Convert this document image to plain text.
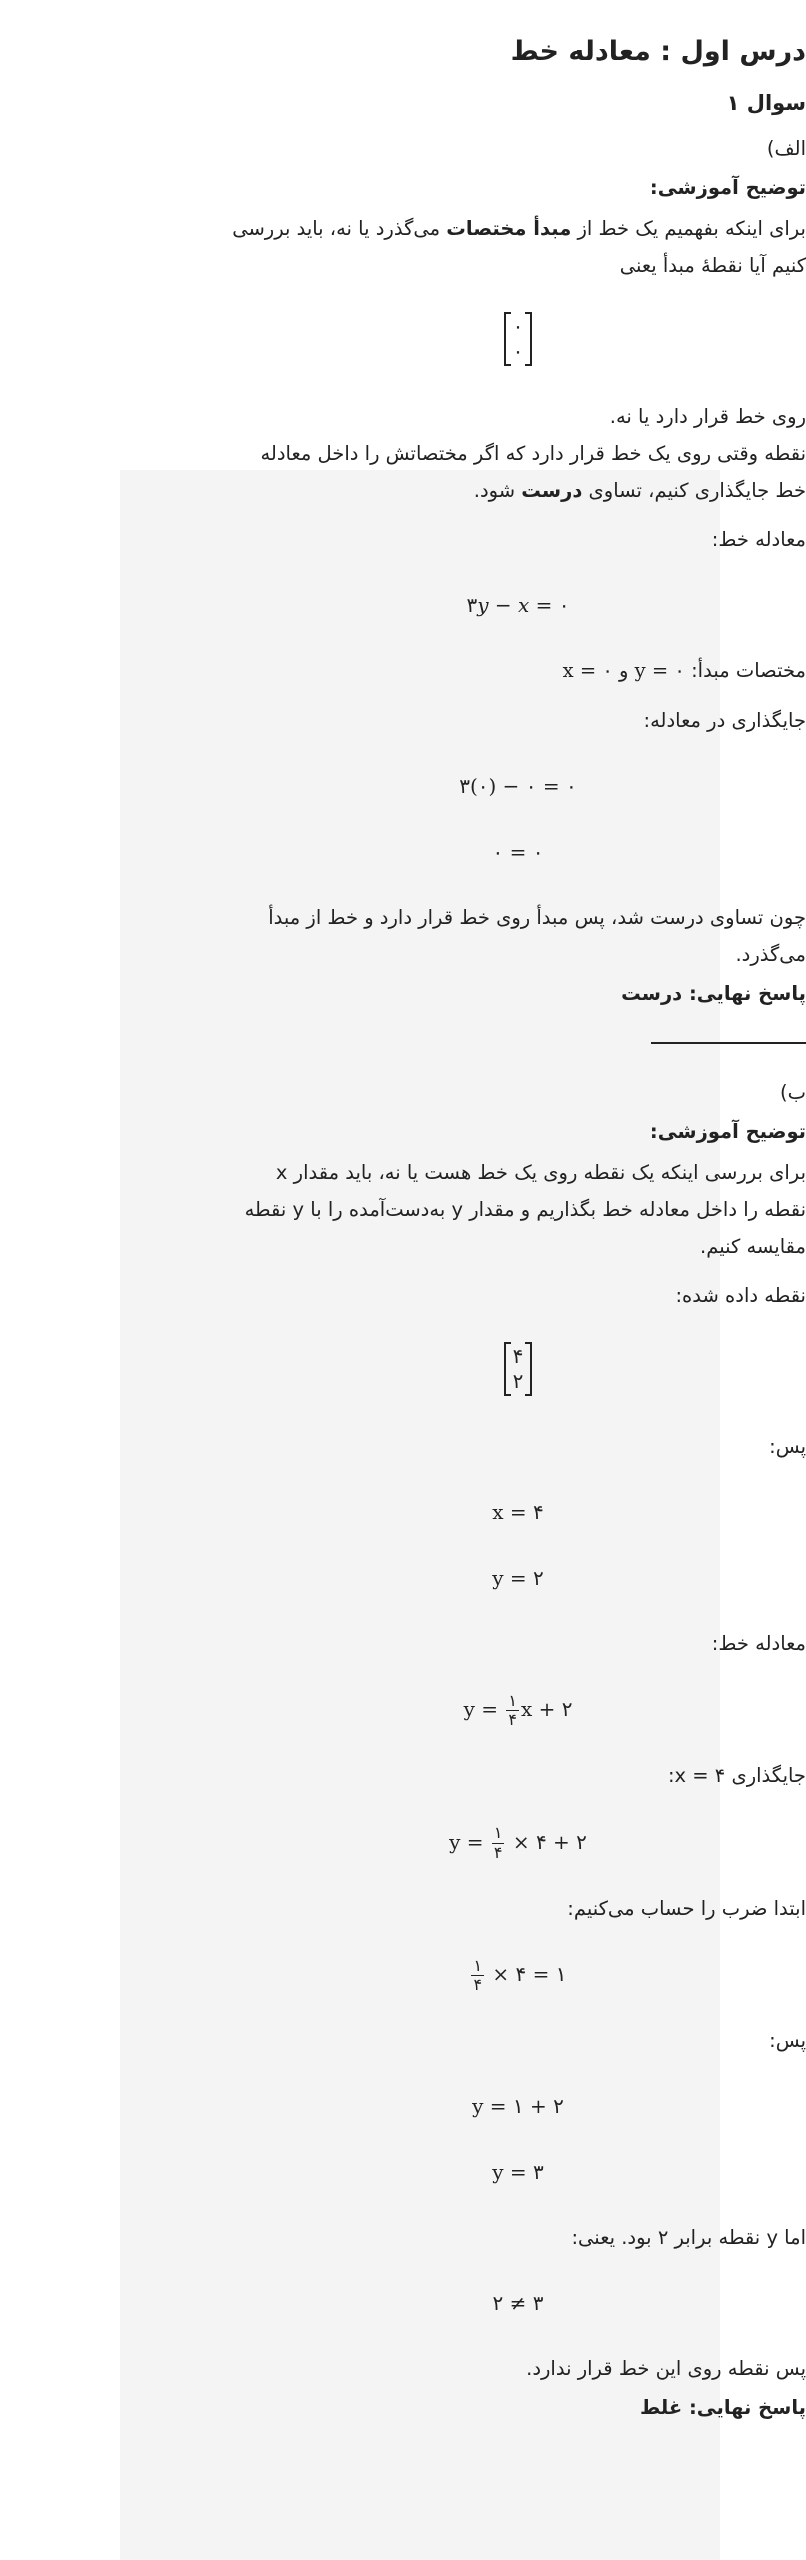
درس اول : معادله خط
سوال ۱

الف)

توضیح آموزشی:

برای اینکه بفهمیم یک خط از مبدأ مختصات می‌گذرد یا نه، باید بررسی کنیم آیا نقطهٔ مبدأ یعنی

۰
۰

روی خط قرار دارد یا نه.

نقطه وقتی روی یک خط قرار دارد که اگر مختصاتش را داخل معادله خط جایگذاری کنیم، تساوی درست شود.

معادله خط:

۳y − x = ۰

مختصات مبدأ: x = ۰ و y = ۰

جایگذاری در معادله:

۳(۰) − ۰ = ۰
۰ = ۰

چون تساوی درست شد، پس مبدأ روی خط قرار دارد و خط از مبدأ می‌گذرد.

پاسخ نهایی: درست

ب)

توضیح آموزشی:

برای بررسی اینکه یک نقطه روی یک خط هست یا نه، باید مقدار x نقطه را داخل معادله خط بگذاریم و مقدار y به‌دست‌آمده را با y نقطه مقایسه کنیم.

نقطه داده شده:

۴
۲

پس:

x = ۴
y = ۲

معادله خط:

$y = \frac{۱}{۴}$ x + ۲

جایگذاری x = ۴:

$y = \frac{۱}{۴}$ × ۴ + ۲

ابتدا ضرب را حساب می‌کنیم:

$\frac{۱}{۴}$ × ۴ = ۱

پس:

y = ۱ + ۲
y = ۳

اما y نقطه برابر ۲ بود. یعنی:

۲ ≠ ۳

پس نقطه روی این خط قرار ندارد.

پاسخ نهایی: غلط
